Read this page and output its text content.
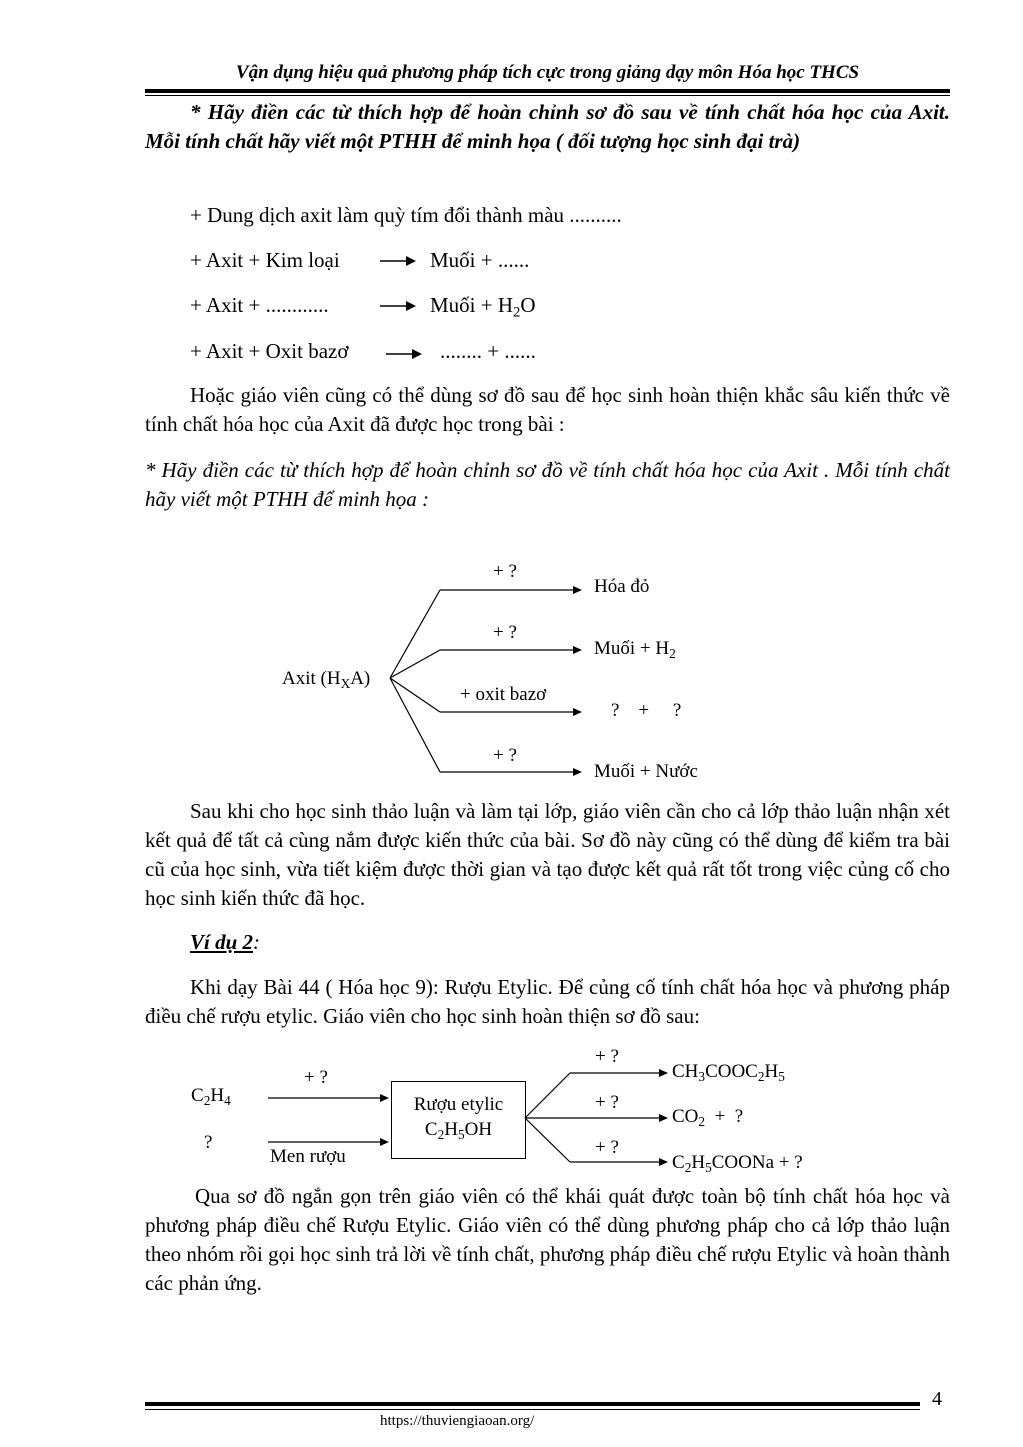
Vận dụng hiệu quả phương pháp tích cực trong giảng dạy môn Hóa học THCS
* Hãy điền các từ thích hợp để hoàn chỉnh sơ đồ sau về tính chất hóa học của Axit. Mỗi tính chất hãy viết một PTHH để minh họa ( đối tượng học sinh đại trà)
+ Dung dịch axit làm quỳ tím đổi thành màu ..........
+ Axit + Kim loại	Muối + ......
+ Axit + ............	Muối + $H_2O$
+ Axit + Oxit bazơ	........ + ......
Hoặc giáo viên cũng có thể dùng sơ đồ sau để học sinh hoàn thiện khắc sâu kiến thức về tính chất hóa học của Axit đã được học trong bài :
* Hãy điền các từ thích hợp để hoàn chỉnh sơ đồ về tính chất hóa học của Axit . Mỗi tính chất hãy viết một PTHH để minh họa :
Axit $(H_XA)$
+ ?
Hóa đỏ
+ ?
Muối + $H_2$
+ oxit bazơ
?    +     ?
+ ?
Muối + Nước
Sau khi cho học sinh thảo luận và làm tại lớp, giáo viên cần cho cả lớp thảo luận nhận xét kết quả để tất cả cùng nắm được kiến thức của bài. Sơ đồ này cũng có thể dùng để kiểm tra bài cũ của học sinh, vừa tiết kiệm được thời gian và tạo được kết quả rất tốt trong việc củng cố cho học sinh kiến thức đã học.
Ví dụ 2:
Khi dạy Bài 44 ( Hóa học 9): Rượu Etylic. Để củng cố tính chất hóa học và phương pháp điều chế rượu etylic. Giáo viên cho học sinh hoàn thiện sơ đồ sau:
Rượu etylic
$C_2H_5OH$
$C_2H_4$
+ ?
?
Men rượu
+ ?
$CH_3COOC_2H_5$
+ ?
$CO_2$  +  ?
+ ?
$C_2H_5COONa$ + ?
Qua sơ đồ ngắn gọn trên giáo viên có thể khái quát được toàn bộ tính chất hóa học và phương pháp điều chế Rượu Etylic. Giáo viên có thể dùng phương pháp cho cả lớp thảo luận theo nhóm rồi gọi học sinh trả lời về tính chất, phương pháp điều chế rượu Etylic và hoàn thành các phản ứng.
4
https://thuviengiaoan.org/
